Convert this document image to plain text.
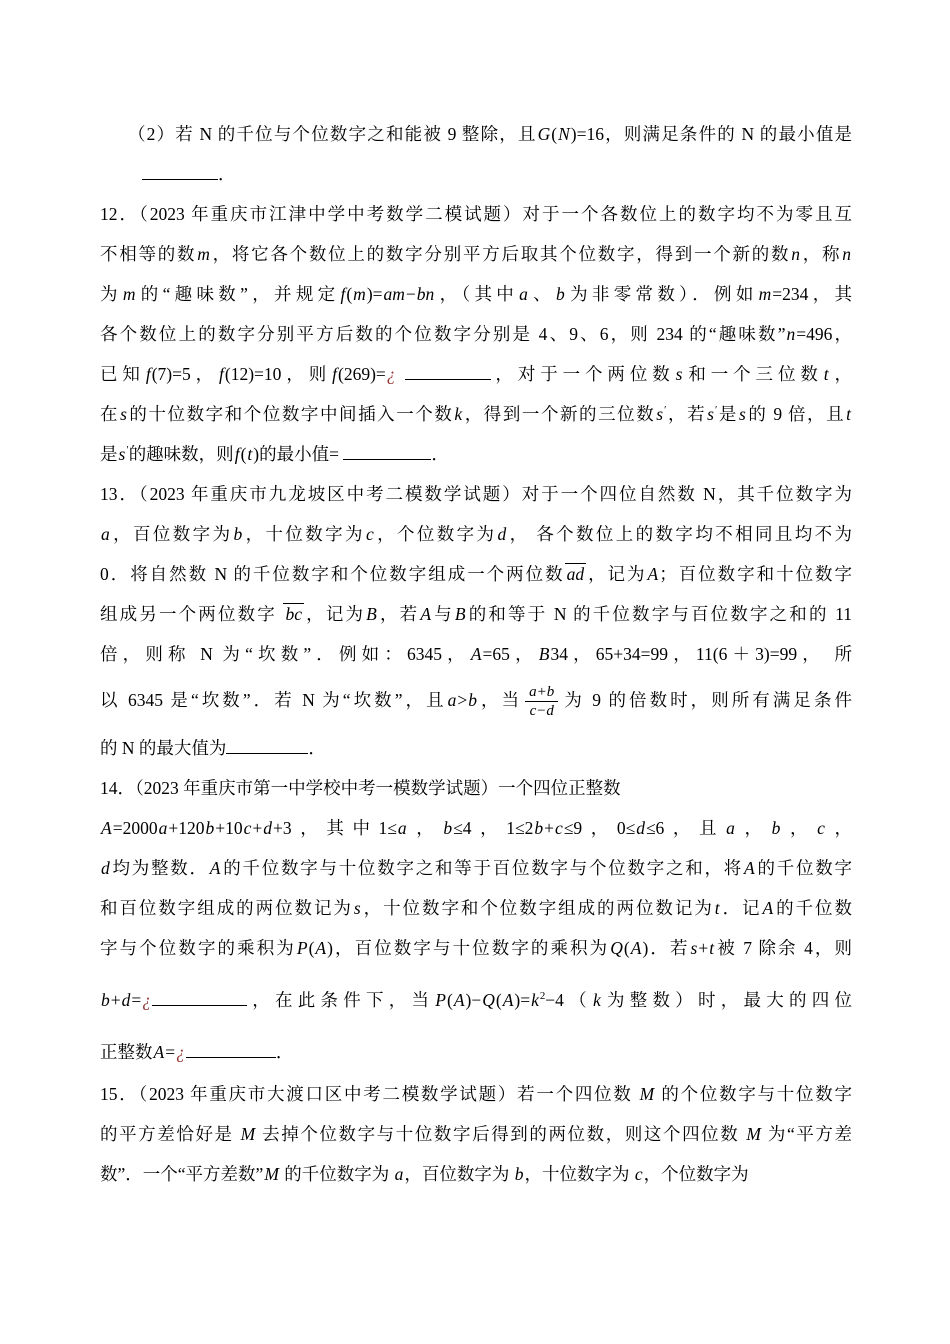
（2）若 N 的千位与个位数字之和能被 9 整除，且G(N)=16，则满足条件的 N 的最小值是
．
12．（2023 年重庆市江津中学中考数学二模试题）对于一个各数位上的数字均不为零且互
不相等的数m，将它各个数位上的数字分别平方后取其个位数字，得到一个新的数n，称n
为m的“趣味数”，并规定f(m)=am−bn，（其中a、b为非零常数）．例如m=234，其
各个数位上的数字分别平方后数的个位数字分别是 4、9、6，则 234 的“趣味数”n=496，
已知f(7)=5，f(12)=10，则f(269)=¿	，对于一个两位数s和一个三位数t，
在s的十位数字和个位数字中间插入一个数k，得到一个新的三位数s′，若s′是s的 9 倍，且t
是s′的趣味数，则f(t)的最小值=	．
13．（2023 年重庆市九龙坡区中考二模数学试题）对于一个四位自然数 N，其千位数字为
a，百位数字为b，十位数字为c，个位数字为d， 各个数位上的数字均不相同且均不为
0．将自然数 N 的千位数字和个位数字组成一个两位数 ad ，记为A；百位数字和十位数字
组成另一个两位数字 bc ，记为B，若A与B的和等于 N 的千位数字与百位数字之和的 11
倍，则称 N 为“坎数”．例如：6345，A=65，B34，65+34=99，11(6＋3)=99， 所
以 6345 是“坎数”．若 N 为“坎数”，且a>b，当 $\frac{a+b}{c-d}$ 为 9 的倍数时，则所有满足条件
的 N 的最大值为	．
14．（2023 年重庆市第一中学校中考一模数学试题）一个四位正整数
A=2000a+120b+10c+d+3，其中1≤a，b≤4，1≤2b+c≤9，0≤d≤6，且a，b，c，
d均为整数．A的千位数字与十位数字之和等于百位数字与个位数字之和，将A的千位数字
和百位数字组成的两位数记为s，十位数字和个位数字组成的两位数记为t．记A的千位数
字与个位数字的乘积为P(A)，百位数字与十位数字的乘积为Q(A)．若s+t被 7 除余 4，则
b+d=¿	，在此条件下，当$P(A)-Q(A)=k^2-4(k$为整数）时，最大的四位
正整数A=¿	．
15．（2023 年重庆市大渡口区中考二模数学试题）若一个四位数 M 的个位数字与十位数字
的平方差恰好是 M 去掉个位数字与十位数字后得到的两位数，则这个四位数 M 为“平方差
数”．一个“平方差数”M 的千位数字为 a，百位数字为 b，十位数字为 c，个位数字为
